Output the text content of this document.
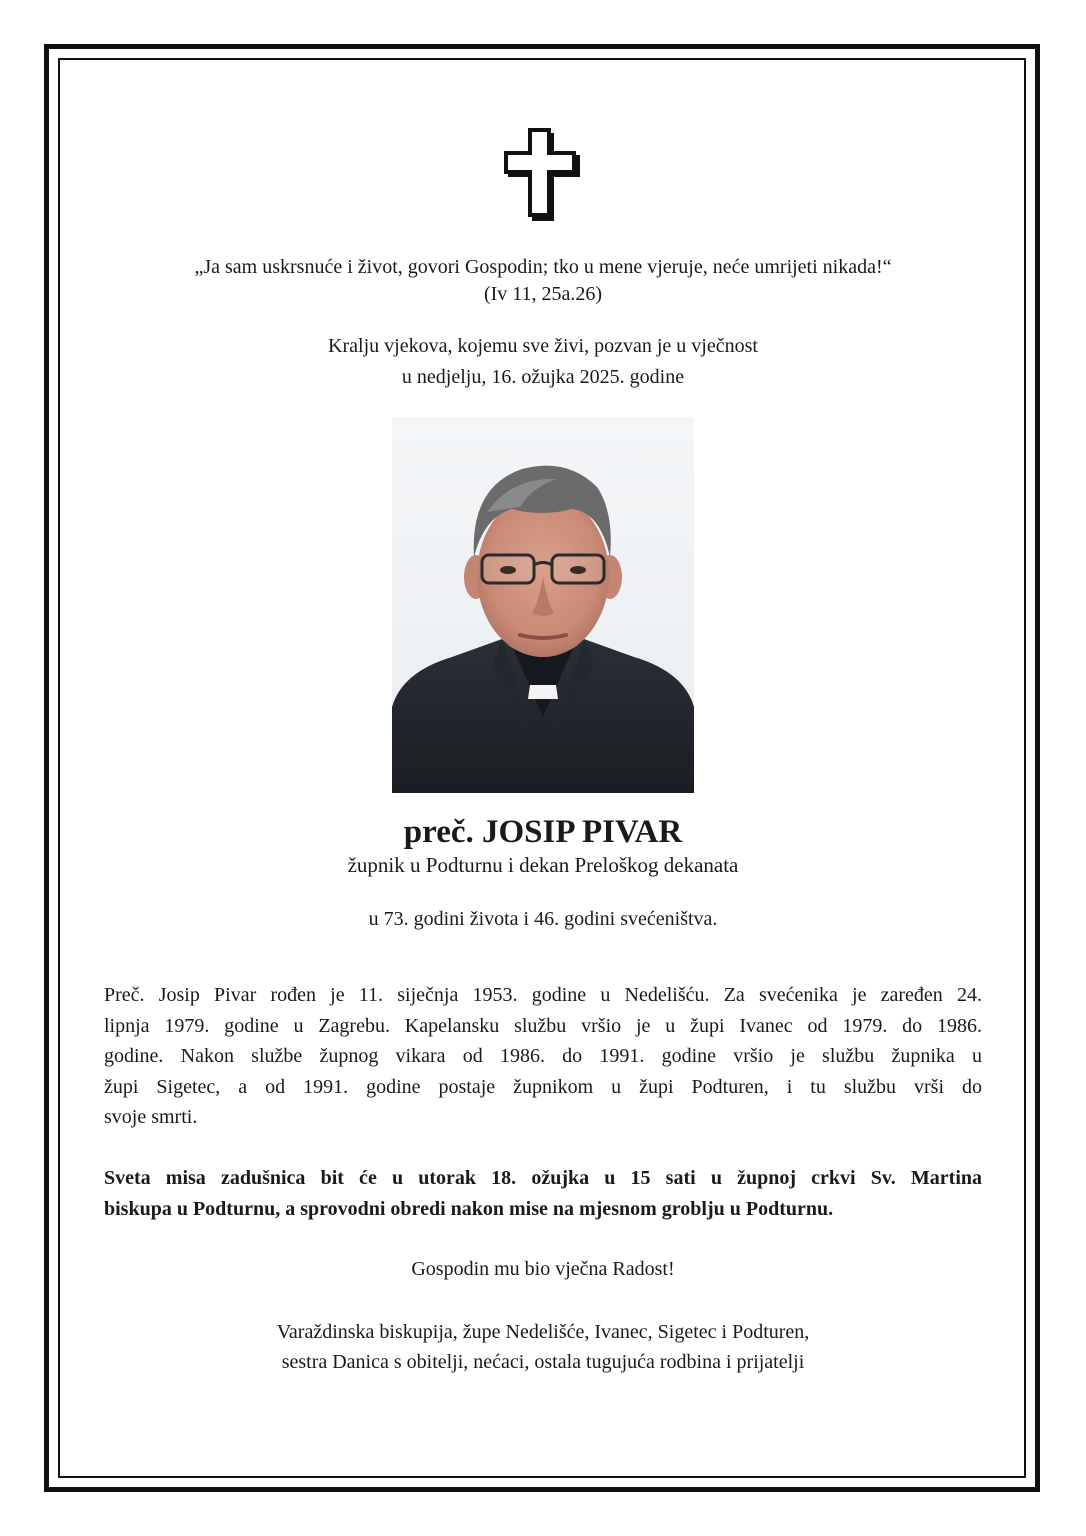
„Ja sam uskrsnuće i život, govori Gospodin; tko u mene vjeruje, neće umrijeti nikada!“
(Iv 11, 25a.26)
Kralju vjekova, kojemu sve živi, pozvan je u vječnost
u nedjelju, 16. ožujka 2025. godine
preč. JOSIP PIVAR
župnik u Podturnu i dekan Preloškog dekanata
u 73. godini života i 46. godini svećeništva.
Preč. Josip Pivar rođen je 11. siječnja 1953. godine u Nedelišću. Za svećenika je zaređen 24.
lipnja 1979. godine u Zagrebu. Kapelansku službu vršio je u župi Ivanec od 1979. do 1986.
godine. Nakon službe župnog vikara od 1986. do 1991. godine vršio je službu župnika u
župi Sigetec, a od 1991. godine postaje župnikom u župi Podturen, i tu službu vrši do
svoje smrti.
Sveta misa zadušnica bit će u utorak 18. ožujka u 15 sati u župnoj crkvi Sv. Martina
biskupa u Podturnu, a sprovodni obredi nakon mise na mjesnom groblju u Podturnu.
Gospodin mu bio vječna Radost!
Varaždinska biskupija, župe Nedelišće, Ivanec, Sigetec i Podturen,
sestra Danica s obitelji, nećaci, ostala tugujuća rodbina i prijatelji
